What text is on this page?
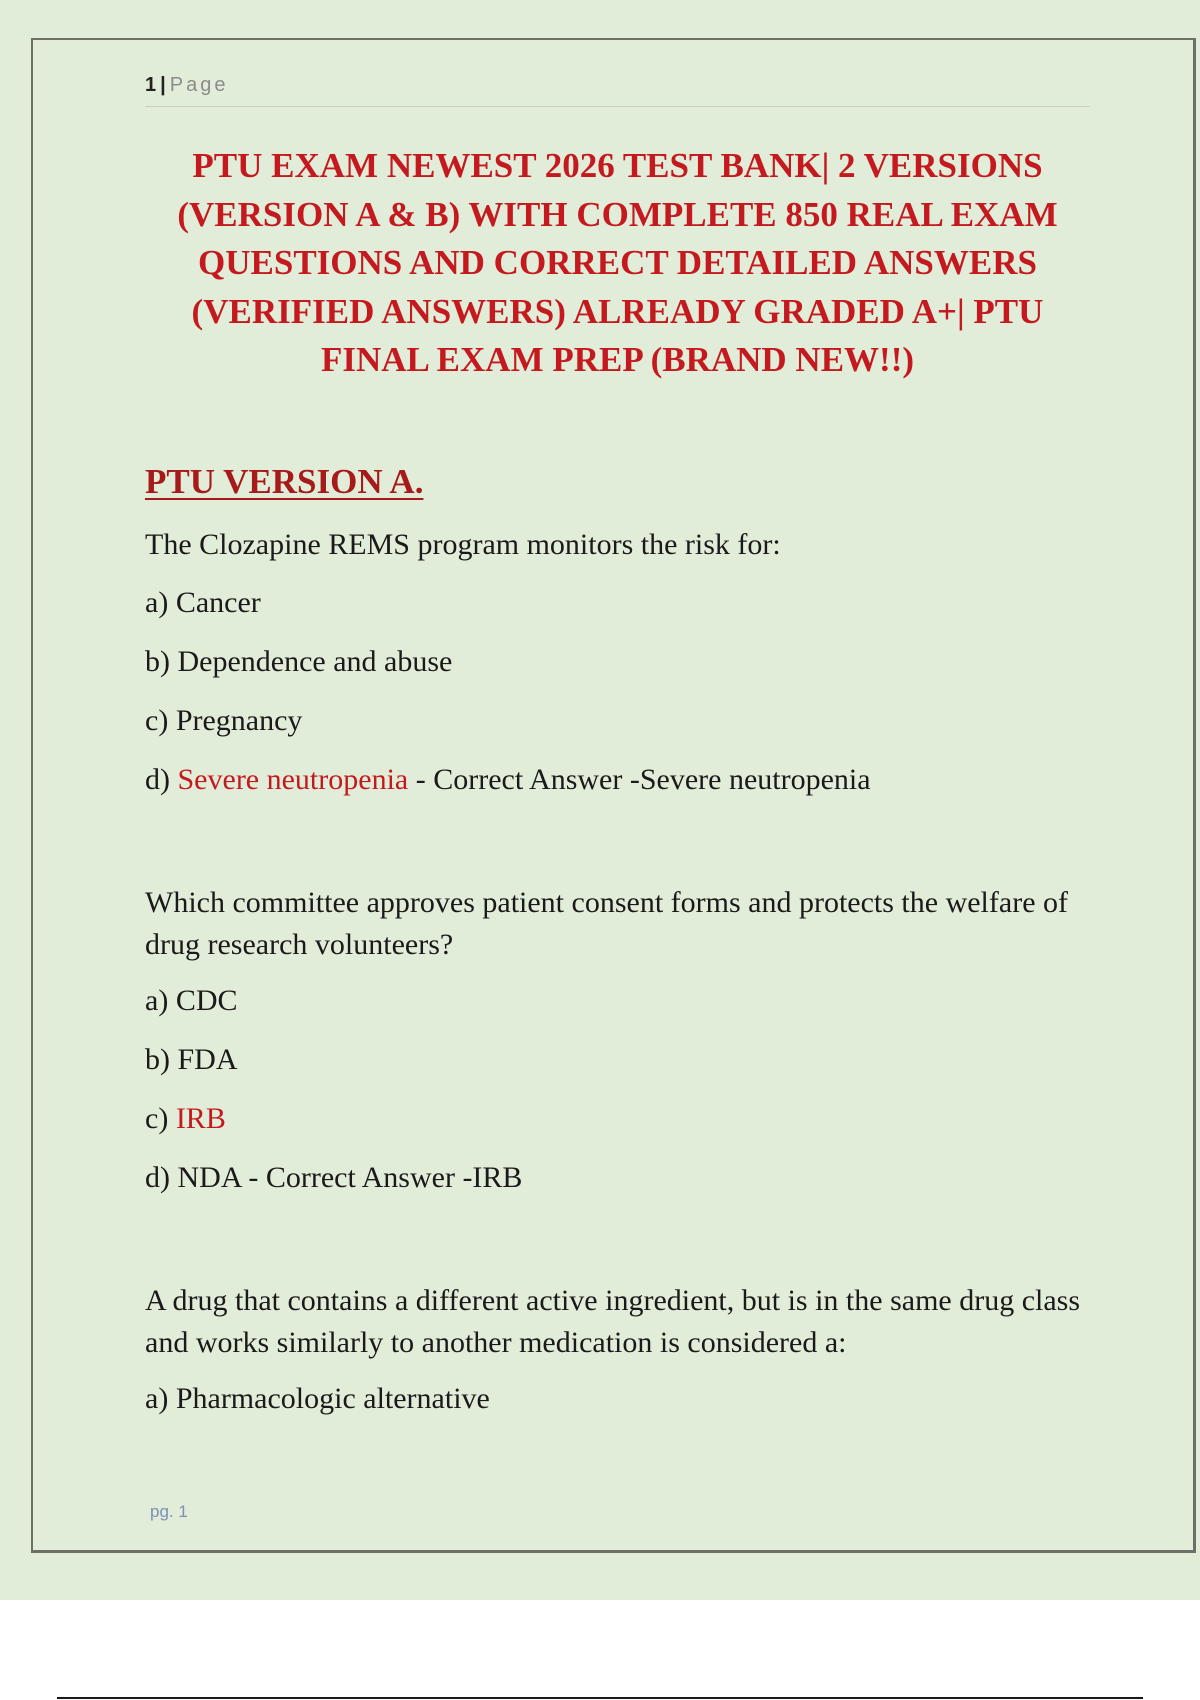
1 | Page
PTU EXAM NEWEST 2026 TEST BANK| 2 VERSIONS (VERSION A & B) WITH COMPLETE 850 REAL EXAM QUESTIONS AND CORRECT DETAILED ANSWERS (VERIFIED ANSWERS) ALREADY GRADED A+| PTU FINAL EXAM PREP (BRAND NEW!!)
PTU VERSION A.
The Clozapine REMS program monitors the risk for:
a) Cancer
b) Dependence and abuse
c) Pregnancy
d) Severe neutropenia - Correct Answer -Severe neutropenia
Which committee approves patient consent forms and protects the welfare of drug research volunteers?
a) CDC
b) FDA
c) IRB
d) NDA - Correct Answer -IRB
A drug that contains a different active ingredient, but is in the same drug class and works similarly to another medication is considered a:
a) Pharmacologic alternative
pg. 1
